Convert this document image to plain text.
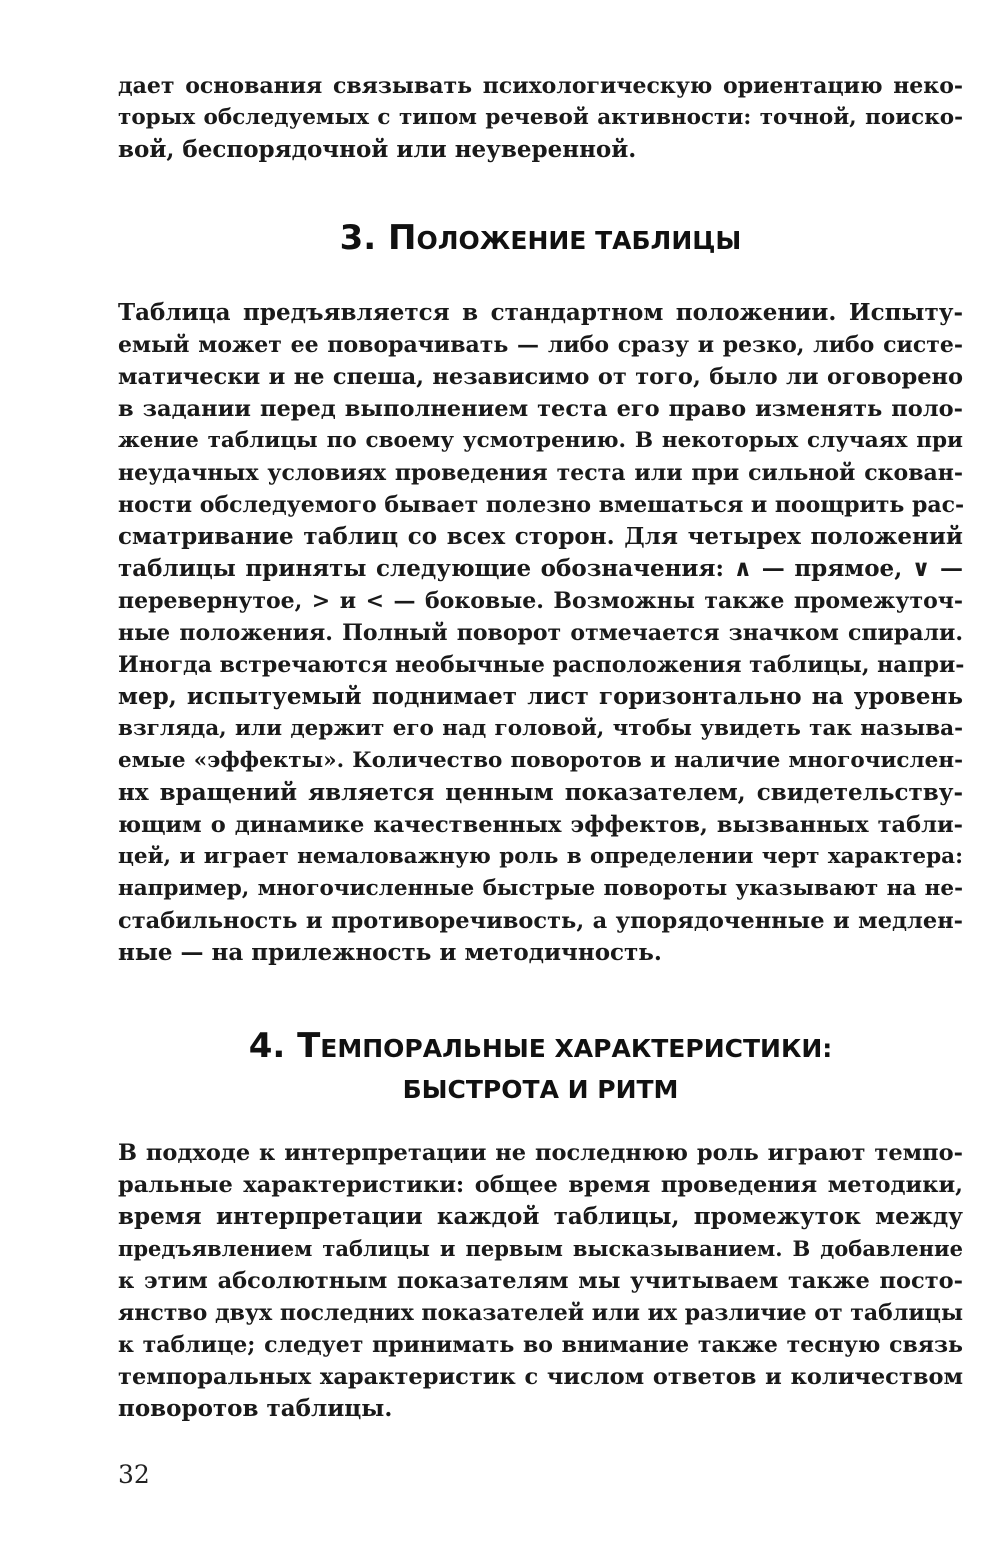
дает основания связывать психологическую ориентацию неко-
торых обследуемых с типом речевой активности: точной, поиско-
вой, беспорядочной или неуверенной.
3. ПОЛОЖЕНИЕ ТАБЛИЦЫ
Таблица предъявляется в стандартном положении. Испыту-
емый может ее поворачивать — либо сразу и резко, либо систе-
матически и не спеша, независимо от того, было ли оговорено
в задании перед выполнением теста его право изменять поло-
жение таблицы по своему усмотрению. В некоторых случаях при
неудачных условиях проведения теста или при сильной скован-
ности обследуемого бывает полезно вмешаться и поощрить рас-
сматривание таблиц со всех сторон. Для четырех положений
таблицы приняты следующие обозначения: ∧ — прямое, ∨ —
перевернутое, > и < — боковые. Возможны также промежуточ-
ные положения. Полный поворот отмечается значком спирали.
Иногда встречаются необычные расположения таблицы, напри-
мер, испытуемый поднимает лист горизонтально на уровень
взгляда, или держит его над головой, чтобы увидеть так называ-
емые «эффекты». Количество поворотов и наличие многочислен-
нх вращений является ценным показателем, свидетельству-
ющим о динамике качественных эффектов, вызванных табли-
цей, и играет немаловажную роль в определении черт характера:
например, многочисленные быстрые повороты указывают на не-
стабильность и противоречивость, а упорядоченные и медлен-
ные — на прилежность и методичность.
4. ТЕМПОРАЛЬНЫЕ ХАРАКТЕРИСТИКИ:
БЫСТРОТА И РИТМ
В подходе к интерпретации не последнюю роль играют темпо-
ральные характеристики: общее время проведения методики,
время интерпретации каждой таблицы, промежуток между
предъявлением таблицы и первым высказыванием. В добавление
к этим абсолютным показателям мы учитываем также посто-
янство двух последних показателей или их различие от таблицы
к таблице; следует принимать во внимание также тесную связь
темпоральных характеристик с числом ответов и количеством
поворотов таблицы.
32
